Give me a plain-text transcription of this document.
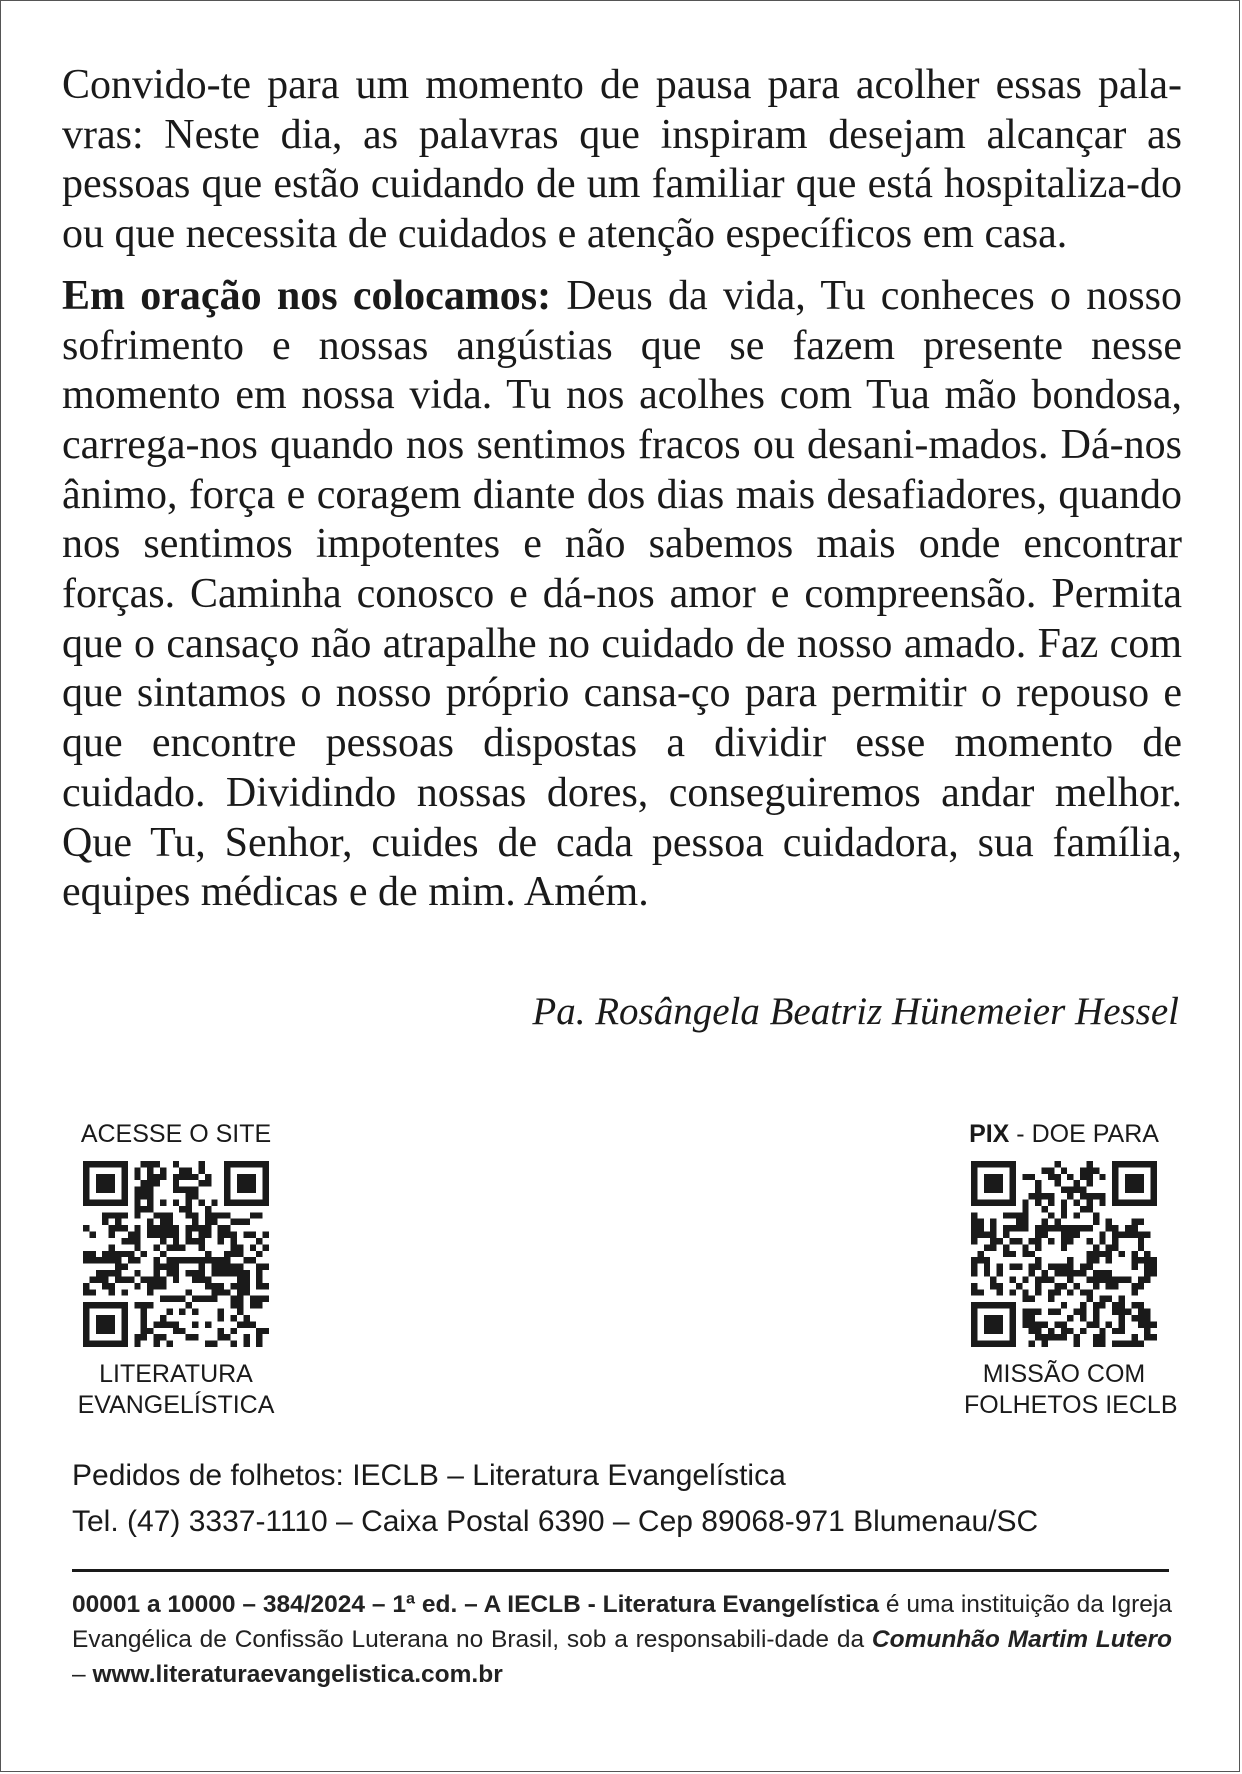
Convido-te para um momento de pausa para acolher essas pala-vras: Neste dia, as palavras que inspiram desejam alcançar as pessoas que estão cuidando de um familiar que está hospitaliza-do ou que necessita de cuidados e atenção específicos em casa.

Em oração nos colocamos: Deus da vida, Tu conheces o nosso sofrimento e nossas angústias que se fazem presente nesse momento em nossa vida. Tu nos acolhes com Tua mão bondosa, carrega-nos quando nos sentimos fracos ou desani-mados. Dá-nos ânimo, força e coragem diante dos dias mais desafiadores, quando nos sentimos impotentes e não sabemos mais onde encontrar forças. Caminha conosco e dá-nos amor e compreensão. Permita que o cansaço não atrapalhe no cuidado de nosso amado. Faz com que sintamos o nosso próprio cansa-ço para permitir o repouso e que encontre pessoas dispostas a dividir esse momento de cuidado. Dividindo nossas dores, conseguiremos andar melhor. Que Tu, Senhor, cuides de cada pessoa cuidadora, sua família, equipes médicas e de mim. Amém.

Pa. Rosângela Beatriz Hünemeier Hessel
ACESSE O SITE
LITERATURA
EVANGELÍSTICA
PIX - DOE PARA
MISSÃO COM
FOLHETOS IECLB
Pedidos de folhetos: IECLB – Literatura Evangelística
Tel. (47) 3337-1110 – Caixa Postal 6390 – Cep 89068-971 Blumenau/SC
00001 a 10000 – 384/2024 – 1ª ed. – A IECLB - Literatura Evangelística é uma instituição da Igreja Evangélica de Confissão Luterana no Brasil, sob a responsabili-dade da Comunhão Martim Lutero – www.literaturaevangelistica.com.br
